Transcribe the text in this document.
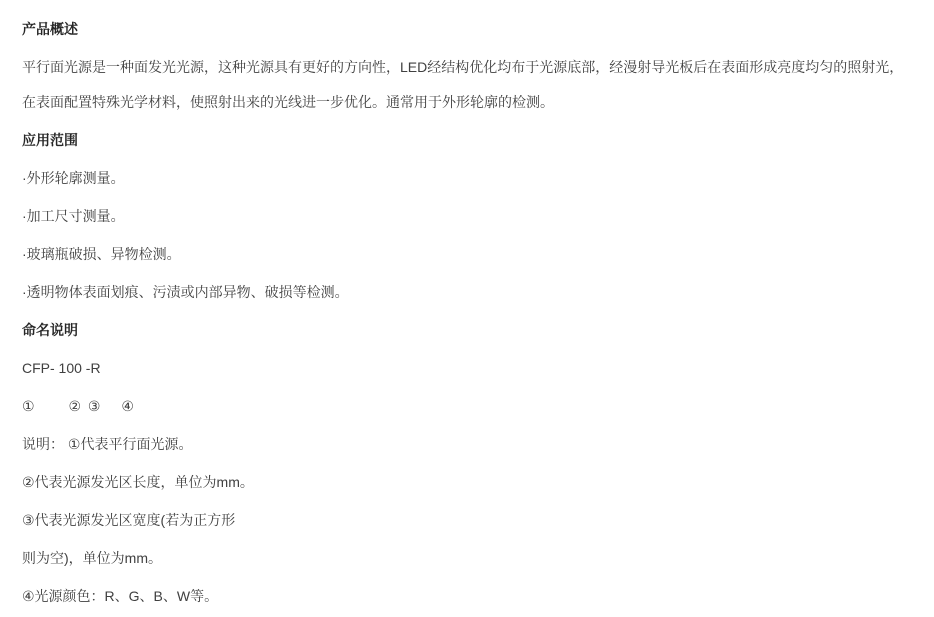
产品概述

平行面光源是一种面发光光源，这种光源具有更好的方向性，LED经结构优化均布于光源底部，经漫射导光板后在表面形成亮度均匀的照射光，在表面配置特殊光学材料，使照射出来的光线进一步优化。通常用于外形轮廓的检测。

应用范围

·外形轮廓测量。

·加工尺寸测量。

·玻璃瓶破损、异物检测。

·透明物体表面划痕、污渍或内部异物、破损等检测。

命名说明

CFP- 100 -R

① ② ③ ④

说明： ①代表平行面光源。

②代表光源发光区长度，单位为mm。

③代表光源发光区宽度(若为正方形

则为空)，单位为mm。

④光源颜色：R、G、B、W等。
